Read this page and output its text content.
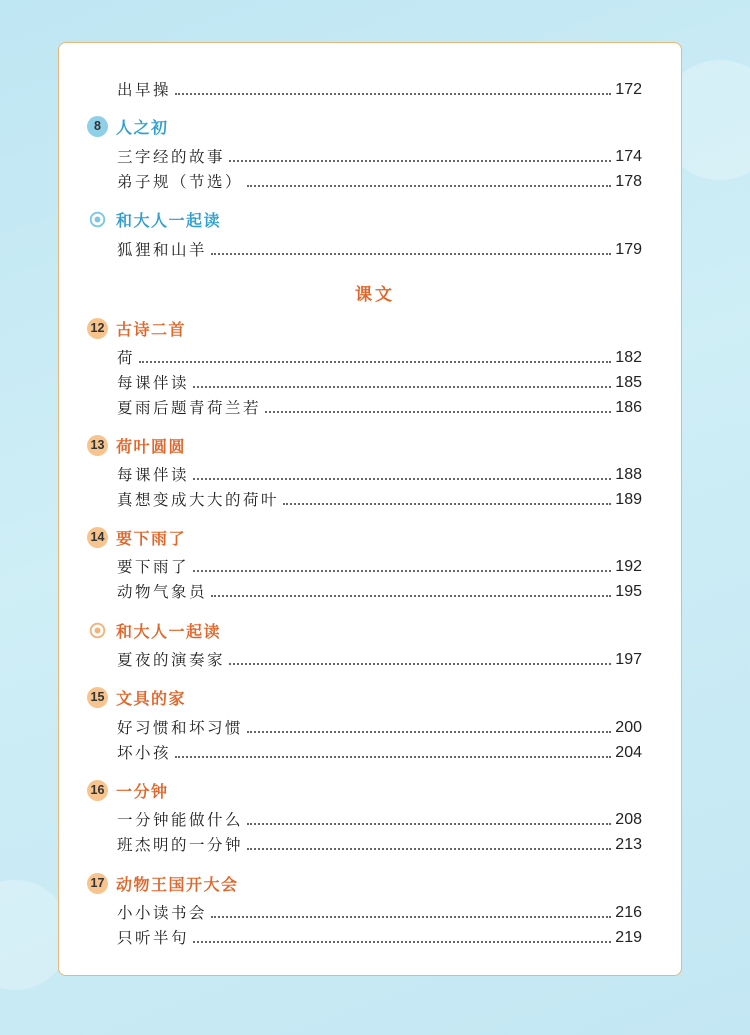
出早操	172
8 人之初
三字经的故事	174
弟子规（节选）	178
和大人一起读
狐狸和山羊	179
课文
12 古诗二首
荷	182
每课伴读	185
夏雨后题青荷兰若	186
13 荷叶圆圆
每课伴读	188
真想变成大大的荷叶	189
14 要下雨了
要下雨了	192
动物气象员	195
和大人一起读
夏夜的演奏家	197
15 文具的家
好习惯和坏习惯	200
坏小孩	204
16 一分钟
一分钟能做什么	208
班杰明的一分钟	213
17 动物王国开大会
小小读书会	216
只听半句	219
